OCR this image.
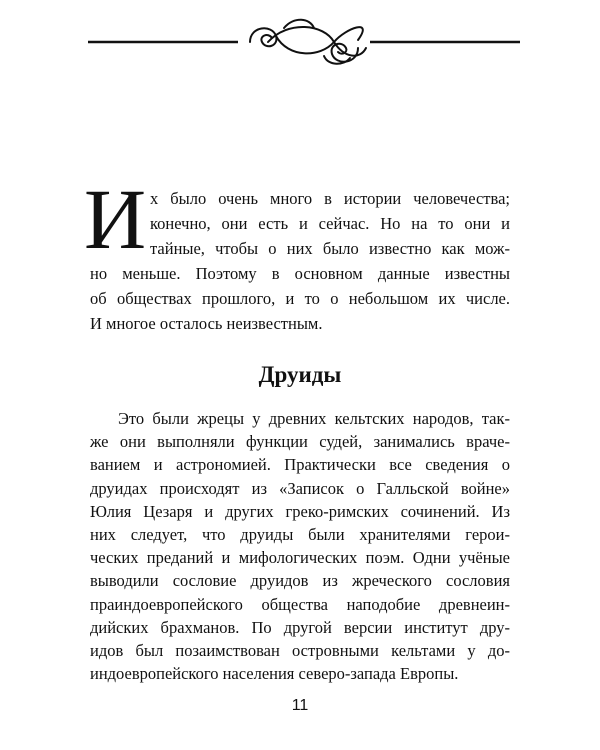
И х было очень много в истории человечества;
конечно, они есть и сейчас. Но на то они и
тайные, чтобы о них было известно как мож-
но меньше. Поэтому в основном данные известны
об обществах прошлого, и то о небольшом их числе.
И многое осталось неизвестным.
Друиды
Это были жрецы у древних кельтских народов, так-
же они выполняли функции судей, занимались враче-
ванием и астрономией. Практически все сведения о
друидах происходят из «Записок о Галльской войне»
Юлия Цезаря и других греко-римских сочинений. Из
них следует, что друиды были хранителями герои-
ческих преданий и мифологических поэм. Одни учёные
выводили сословие друидов из жреческого сословия
праиндоевропейского общества наподобие древнеин-
дийских брахманов. По другой версии институт дру-
идов был позаимствован островными кельтами у до-
11
индоевропейского населения северо-запада Европы.
